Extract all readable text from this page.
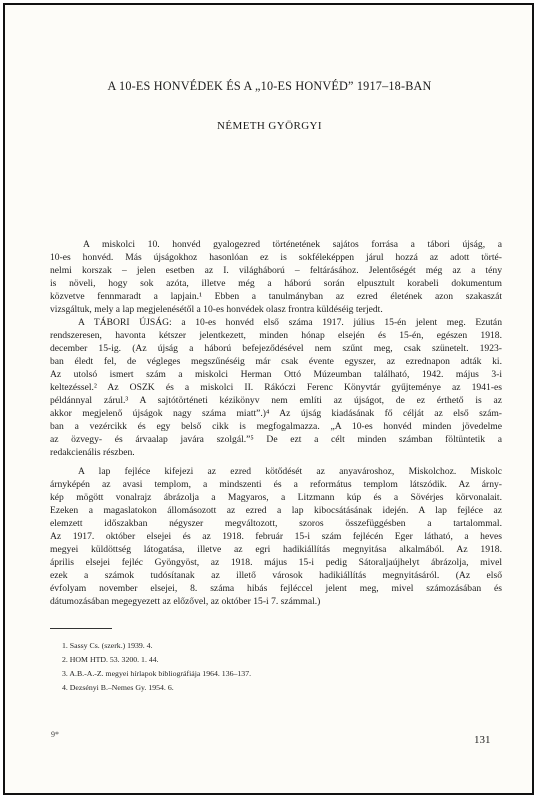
A 10-ES HONVÉDEK ÉS A „10-ES HONVÉD” 1917–18-BAN
NÉMETH GYÖRGYI
A miskolci 10. honvéd gyalogezred történetének sajátos forrása a tábori újság, a
10-es honvéd. Más újságokhoz hasonlóan ez is sokféleképpen járul hozzá az adott törté-
nelmi korszak – jelen esetben az I. világháború – feltárásához. Jelentőségét még az a tény
is növeli, hogy sok azóta, illetve még a háború során elpusztult korabeli dokumentum
közvetve fennmaradt a lapjain.¹ Ebben a tanulmányban az ezred életének azon szakaszát
vizsgáltuk, mely a lap megjelenésétől a 10-es honvédek olasz frontra küldéséig terjedt.
A TÁBORI ÚJSÁG: a 10-es honvéd első száma 1917. július 15-én jelent meg. Ezután
rendszeresen, havonta kétszer jelentkezett, minden hónap elsején és 15-én, egészen 1918.
december 15-ig. (Az újság a háború befejeződésével nem szűnt meg, csak szünetelt. 1923-
ban éledt fel, de végleges megszűnéséig már csak évente egyszer, az ezrednapon adták ki.
Az utolsó ismert szám a miskolci Herman Ottó Múzeumban található, 1942. május 3-i
keltezéssel.² Az OSZK és a miskolci II. Rákóczi Ferenc Könyvtár gyűjteménye az 1941-es
példánnyal zárul.³ A sajtótörténeti kézikönyv nem említi az újságot, de ez érthető is az
akkor megjelenő újságok nagy száma miatt”.)⁴ Az újság kiadásának fő célját az első szám-
ban a vezércikk és egy belső cikk is megfogalmazza. „A 10-es honvéd minden jövedelme
az özvegy- és árvaalap javára szolgál.”⁵ De ezt a célt minden számban föltüntetik a
redakcienális részben.
A lap fejléce kifejezi az ezred kötődését az anyavároshoz, Miskolchoz. Miskolc
árnyképén az avasi templom, a mindszenti és a református templom látszódik. Az árny-
kép mögött vonalrajz ábrázolja a Magyaros, a Litzmann kúp és a Sövérjes körvonalait.
Ezeken a magaslatokon állomásozott az ezred a lap kibocsátásának idején. A lap fejléce az
elemzett időszakban négyszer megváltozott, szoros összefüggésben a tartalommal.
Az 1917. október elsejei és az 1918. február 15-i szám fejlécén Eger látható, a heves
megyei küldöttség látogatása, illetve az egri hadikiállítás megnyitása alkalmából. Az 1918.
április elsejei fejléc Gyöngyöst, az 1918. május 15-i pedig Sátoraljaújhelyt ábrázolja, mivel
ezek a számok tudósítanak az illető városok hadikiállítás megnyitásáról. (Az első
évfolyam november elsejei, 8. száma hibás fejléccel jelent meg, mivel számozásában és
dátumozásában megegyezett az előzővel, az október 15-i 7. számmal.)
1. Sassy Cs. (szerk.) 1939. 4.
2. HOM HTD. 53. 3200. 1. 44.
3. A.B.-A.-Z. megyei hírlapok bibliográfiája 1964. 136–137.
4. Dezsényi B.–Nemes Gy. 1954. 6.
9*	131
